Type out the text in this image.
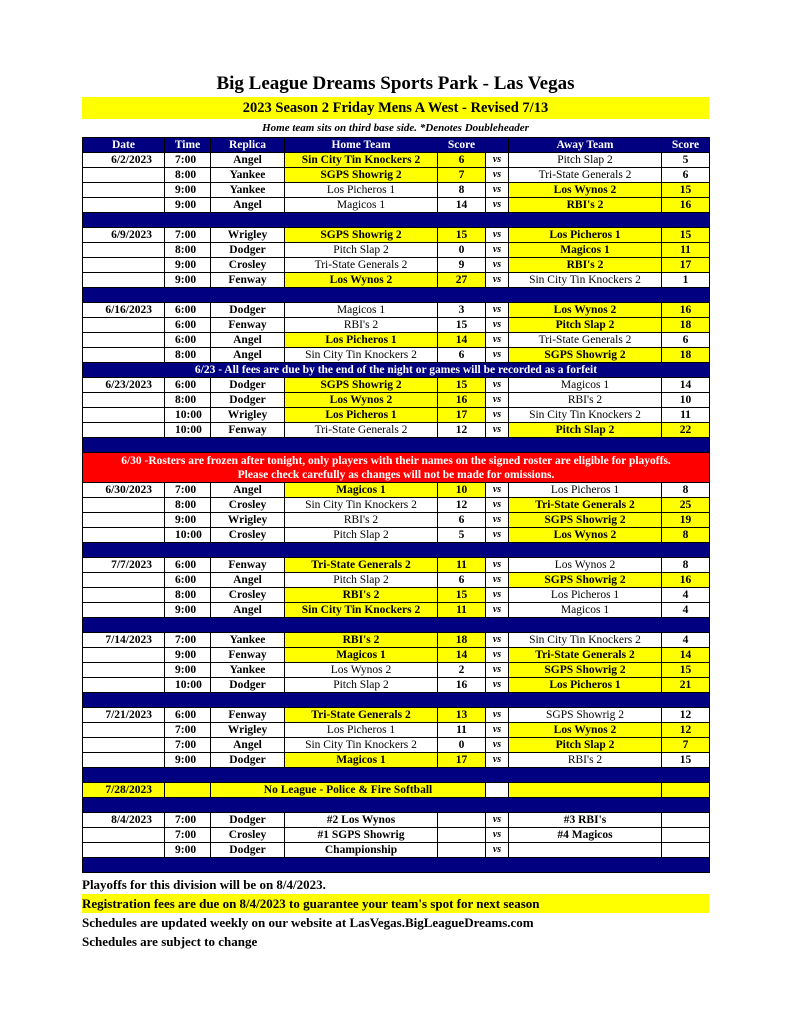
Big League Dreams Sports Park - Las Vegas
2023 Season 2 Friday Mens A West - Revised 7/13
Home team sits on third base side. *Denotes Doubleheader
Date	Time	Replica	Home Team	Score		Away Team	Score
6/2/2023	7:00	Angel	Sin City Tin Knockers 2	6	vs	Pitch Slap 2	5
	8:00	Yankee	SGPS Showrig 2	7	vs	Tri-State Generals 2	6
	9:00	Yankee	Los Picheros 1	8	vs	Los Wynos 2	15
	9:00	Angel	Magicos 1	14	vs	RBI's 2	16

6/9/2023	7:00	Wrigley	SGPS Showrig 2	15	vs	Los Picheros 1	15
	8:00	Dodger	Pitch Slap 2	0	vs	Magicos 1	11
	9:00	Crosley	Tri-State Generals 2	9	vs	RBI's 2	17
	9:00	Fenway	Los Wynos 2	27	vs	Sin City Tin Knockers 2	1

6/16/2023	6:00	Dodger	Magicos 1	3	vs	Los Wynos 2	16
	6:00	Fenway	RBI's 2	15	vs	Pitch Slap 2	18
	6:00	Angel	Los Picheros 1	14	vs	Tri-State Generals 2	6
	8:00	Angel	Sin City Tin Knockers 2	6	vs	SGPS Showrig 2	18

6/23 - All fees are due by the end of the night or games will be recorded as a forfeit							

6/23/2023	6:00	Dodger	SGPS Showrig 2	15	vs	Magicos 1	14
	8:00	Dodger	Los Wynos 2	16	vs	RBI's 2	10
	10:00	Wrigley	Los Picheros 1	17	vs	Sin City Tin Knockers 2	11
	10:00	Fenway	Tri-State Generals 2	12	vs	Pitch Slap 2	22

6/30 -Rosters are frozen after tonight, only players with their names on the signed roster are eligible for playoffs.
Please check carefully as changes will not be made for omissions.							

6/30/2023	7:00	Angel	Magicos 1	10	vs	Los Picheros 1	8
	8:00	Crosley	Sin City Tin Knockers 2	12	vs	Tri-State Generals 2	25
	9:00	Wrigley	RBI's 2	6	vs	SGPS Showrig 2	19
	10:00	Crosley	Pitch Slap 2	5	vs	Los Wynos 2	8

7/7/2023	6:00	Fenway	Tri-State Generals 2	11	vs	Los Wynos 2	8
	6:00	Angel	Pitch Slap 2	6	vs	SGPS Showrig 2	16
	8:00	Crosley	RBI's 2	15	vs	Los Picheros 1	4
	9:00	Angel	Sin City Tin Knockers 2	11	vs	Magicos 1	4

7/14/2023	7:00	Yankee	RBI's 2	18	vs	Sin City Tin Knockers 2	4
	9:00	Fenway	Magicos 1	14	vs	Tri-State Generals 2	14
	9:00	Yankee	Los Wynos 2	2	vs	SGPS Showrig 2	15
	10:00	Dodger	Pitch Slap 2	16	vs	Los Picheros 1	21

7/21/2023	6:00	Fenway	Tri-State Generals 2	13	vs	SGPS Showrig 2	12
	7:00	Wrigley	Los Picheros 1	11	vs	Los Wynos 2	12
	7:00	Angel	Sin City Tin Knockers 2	0	vs	Pitch Slap 2	7
	9:00	Dodger	Magicos 1	17	vs	RBI's 2	15

7/28/2023		No League - Police & Fire Softball					

8/4/2023	7:00	Dodger	#2 Los Wynos		vs	#3 RBI's	
	7:00	Crosley	#1 SGPS Showrig		vs	#4 Magicos	
	9:00	Dodger	Championship		vs		

Playoffs for this division will be on 8/4/2023.
Registration fees are due on 8/4/2023 to guarantee your team's spot for next season
Schedules are updated weekly on our website at LasVegas.BigLeagueDreams.com
Schedules are subject to change
